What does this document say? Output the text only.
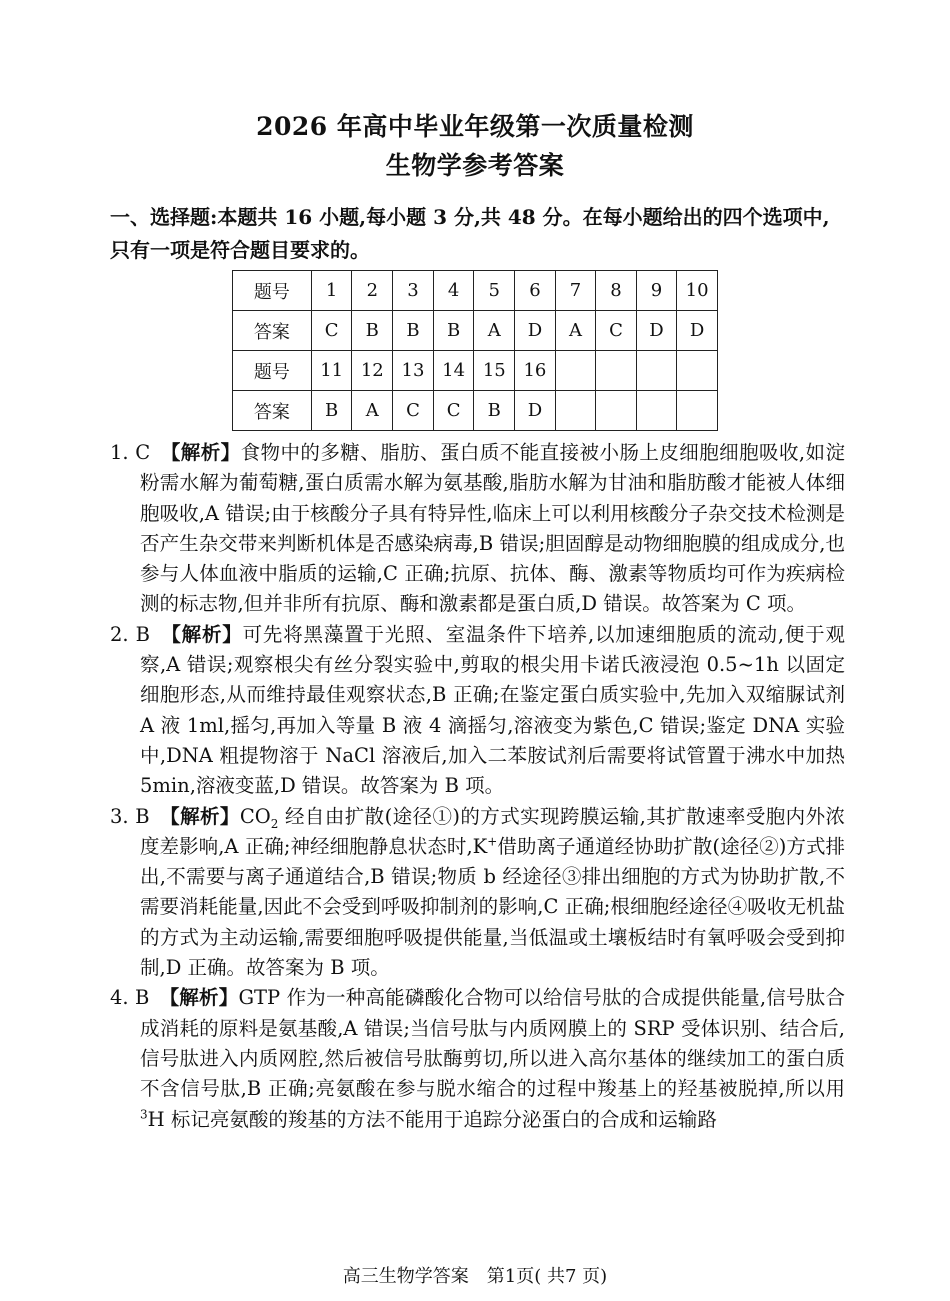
2026 年高中毕业年级第一次质量检测
生物学参考答案
一、选择题:本题共 16 小题,每小题 3 分,共 48 分。在每小题给出的四个选项中,只有一项是符合题目要求的。
题号	1	2	3	4	5	6	7	8	9	10
答案	C	B	B	B	A	D	A	C	D	D
题号	11	12	13	14	15	16				
答案	B	A	C	C	B	D				

1. C　 【解析】食物中的多糖、脂肪、蛋白质不能直接被小肠上皮细胞细胞吸收,如淀粉需水解为葡萄糖,蛋白质需水解为氨基酸,脂肪水解为甘油和脂肪酸才能被人体细胞吸收,A 错误;由于核酸分子具有特异性,临床上可以利用核酸分子杂交技术检测是否产生杂交带来判断机体是否感染病毒,B 错误;胆固醇是动物细胞膜的组成成分,也参与人体血液中脂质的运输,C 正确;抗原、抗体、酶、激素等物质均可作为疾病检测的标志物,但并非所有抗原、酶和激素都是蛋白质,D 错误。故答案为 C 项。

2. B　 【解析】可先将黑藻置于光照、室温条件下培养,以加速细胞质的流动,便于观察,A 错误;观察根尖有丝分裂实验中,剪取的根尖用卡诺氏液浸泡 0.5~1h 以固定细胞形态,从而维持最佳观察状态,B 正确;在鉴定蛋白质实验中,先加入双缩脲试剂 A 液 1ml,摇匀,再加入等量 B 液 4 滴摇匀,溶液变为紫色,C 错误;鉴定 DNA 实验中,DNA 粗提物溶于 NaCl 溶液后,加入二苯胺试剂后需要将试管置于沸水中加热 5min,溶液变蓝,D 错误。故答案为 B 项。

3. B　 【解析】$CO_2$ 经自由扩散(途径①)的方式实现跨膜运输,其扩散速率受胞内外浓度差影响,A 正确;神经细胞静息状态时,K+借助离子通道经协助扩散(途径②)方式排出,不需要与离子通道结合,B 错误;物质 b 经途径③排出细胞的方式为协助扩散,不需要消耗能量,因此不会受到呼吸抑制剂的影响,C 正确;根细胞经途径④吸收无机盐的方式为主动运输,需要细胞呼吸提供能量,当低温或土壤板结时有氧呼吸会受到抑制,D 正确。故答案为 B 项。

4. B　 【解析】GTP 作为一种高能磷酸化合物可以给信号肽的合成提供能量,信号肽合成消耗的原料是氨基酸,A 错误;当信号肽与内质网膜上的 SRP 受体识别、结合后,信号肽进入内质网腔,然后被信号肽酶剪切,所以进入高尔基体的继续加工的蛋白质不含信号肽,B 正确;亮氨酸在参与脱水缩合的过程中羧基上的羟基被脱掉,所以用$^3$H 标记亮氨酸的羧基的方法不能用于追踪分泌蛋白的合成和运输路

高三生物学答案　第1页( 共7 页)
